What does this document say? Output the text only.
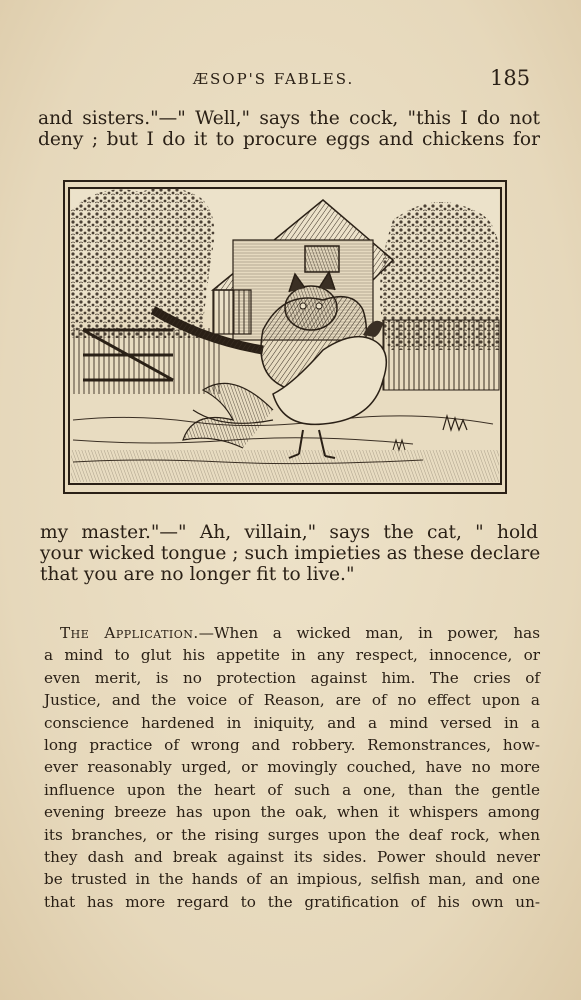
ÆSOP'S FABLES.	185
and sisters."—" Well," says the cock, "this I do not
deny ; but I do it to procure eggs and chickens for
my master."—" Ah, villain," says the cat, " hold
your wicked tongue ; such impieties as these declare
that you are no longer fit to live."
The Application.—When a wicked man, in power, has
a mind to glut his appetite in any respect, innocence, or
even merit, is no protection against him. The cries of
Justice, and the voice of Reason, are of no effect upon a
conscience hardened in iniquity, and a mind versed in a
long practice of wrong and robbery. Remonstrances, how-
ever reasonably urged, or movingly couched, have no more
influence upon the heart of such a one, than the gentle
evening breeze has upon the oak, when it whispers among
its branches, or the rising surges upon the deaf rock, when
they dash and break against its sides. Power should never
be trusted in the hands of an impious, selfish man, and one
that has more regard to the gratification of his own un-
